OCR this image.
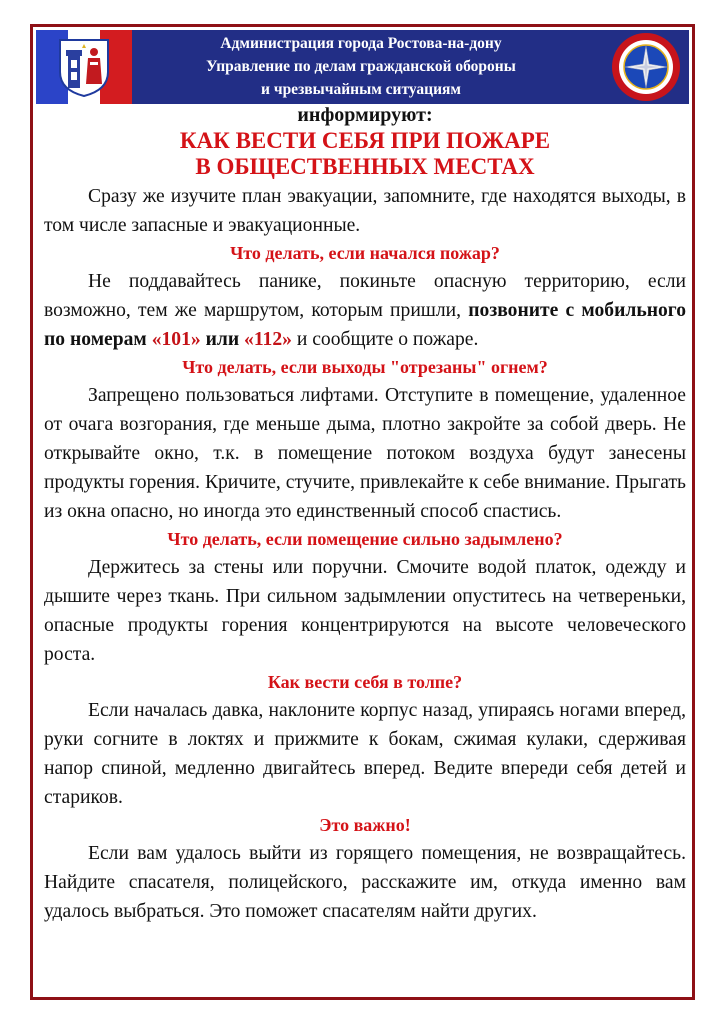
Администрация города Ростова-на-дону
Управление по делам гражданской обороны
и чрезвычайным ситуациям

информируют:

КАК ВЕСТИ СЕБЯ ПРИ ПОЖАРЕ
В ОБЩЕСТВЕННЫХ МЕСТАХ

Сразу же изучите план эвакуации, запомните, где находятся выходы, в том числе запасные и эвакуационные.

Что делать, если начался пожар?

Не поддавайтесь панике, покиньте опасную территорию, если возможно, тем же маршрутом, которым пришли, позвоните с мобильного по номерам «101» или «112» и сообщите о пожаре.

Что делать, если выходы "отрезаны" огнем?

Запрещено пользоваться лифтами. Отступите в помещение, удаленное от очага возгорания, где меньше дыма, плотно закройте за собой дверь. Не открывайте окно, т.к. в помещение потоком воздуха будут занесены продукты горения. Кричите, стучите, привлекайте к себе внимание. Прыгать из окна опасно, но иногда это единственный способ спастись.

Что делать, если помещение сильно задымлено?

Держитесь за стены или поручни. Смочите водой платок, одежду и дышите через ткань. При сильном задымлении опуститесь на четвереньки, опасные продукты горения концентрируются на высоте человеческого роста.

Как вести себя в толпе?

Если началась давка, наклоните корпус назад, упираясь ногами вперед, руки согните в локтях и прижмите к бокам, сжимая кулаки, сдерживая напор спиной, медленно двигайтесь вперед. Ведите впереди себя детей и стариков.

Это важно!

Если вам удалось выйти из горящего помещения, не возвращайтесь. Найдите спасателя, полицейского, расскажите им, откуда именно вам удалось выбраться. Это поможет спасателям найти других.
